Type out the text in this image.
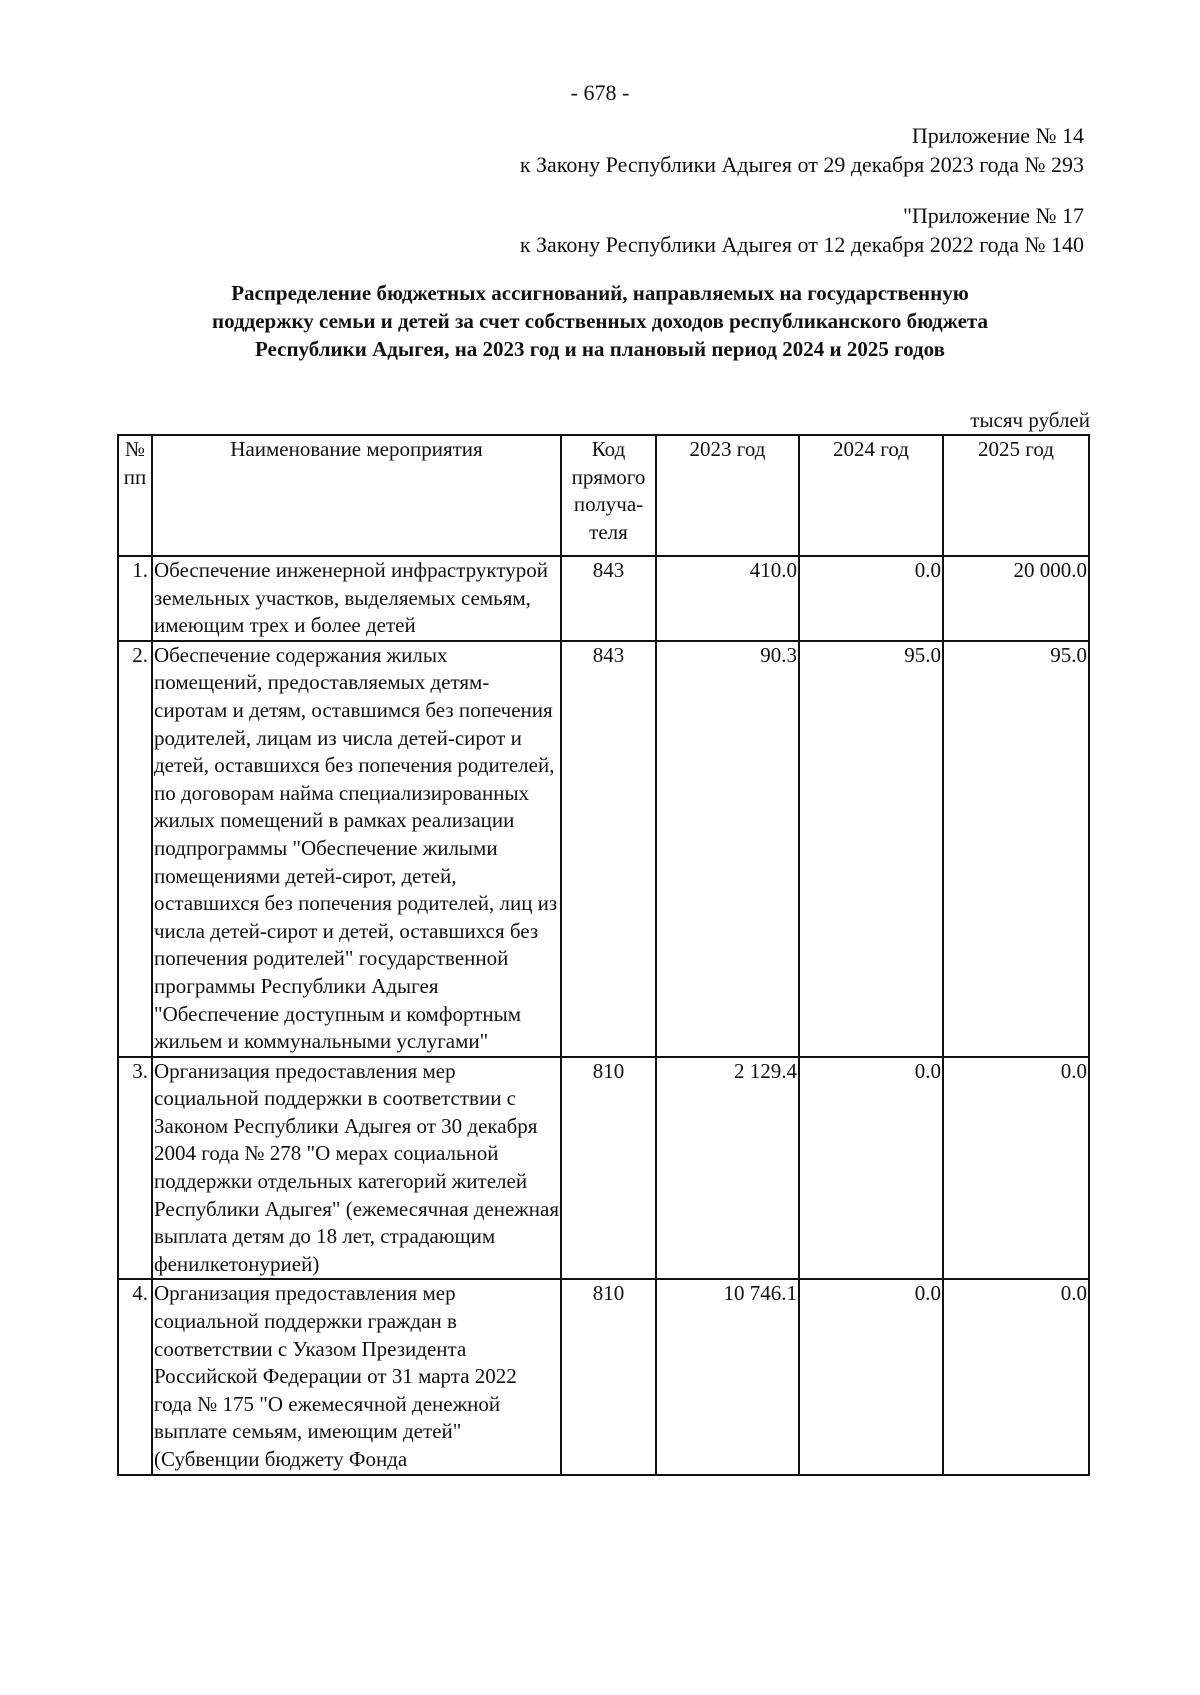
- 678 -
Приложение № 14
к Закону Республики Адыгея от 29 декабря 2023 года № 293
"Приложение № 17
к Закону Республики Адыгея от 12 декабря 2022 года № 140
Распределение бюджетных ассигнований, направляемых на государственную
поддержку семьи и детей за счет собственных доходов республиканского бюджета
Республики Адыгея, на 2023 год и на плановый период 2024 и 2025 годов
тысяч рублей
№ пп	Наименование мероприятия	Код прямого получа-теля	2023 год	2024 год	2025 год
1.	Обеспечение инженерной инфраструктурой земельных участков, выделяемых семьям, имеющим трех и более детей	843	410.0	0.0	20 000.0
2.	Обеспечение содержания жилых помещений, предоставляемых детям-сиротам и детям, оставшимся без попечения родителей, лицам из числа детей-сирот и детей, оставшихся без попечения родителей, по договорам найма специализированных жилых помещений в рамках реализации подпрограммы "Обеспечение жилыми помещениями детей-сирот, детей, оставшихся без попечения родителей, лиц из числа детей-сирот и детей, оставшихся без попечения родителей" государственной программы Республики Адыгея "Обеспечение доступным и комфортным жильем и коммунальными услугами"	843	90.3	95.0	95.0
3.	Организация предоставления мер социальной поддержки в соответствии с Законом Республики Адыгея от 30 декабря 2004 года № 278 "О мерах социальной поддержки отдельных категорий жителей Республики Адыгея" (ежемесячная денежная выплата детям до 18 лет, страдающим фенилкетонурией)	810	2 129.4	0.0	0.0
4.	Организация предоставления мер социальной поддержки граждан в соответствии с Указом Президента Российской Федерации от 31 марта 2022 года № 175 "О ежемесячной денежной выплате семьям, имеющим детей"(Субвенции бюджету Фонда	810	10 746.1	0.0	0.0
